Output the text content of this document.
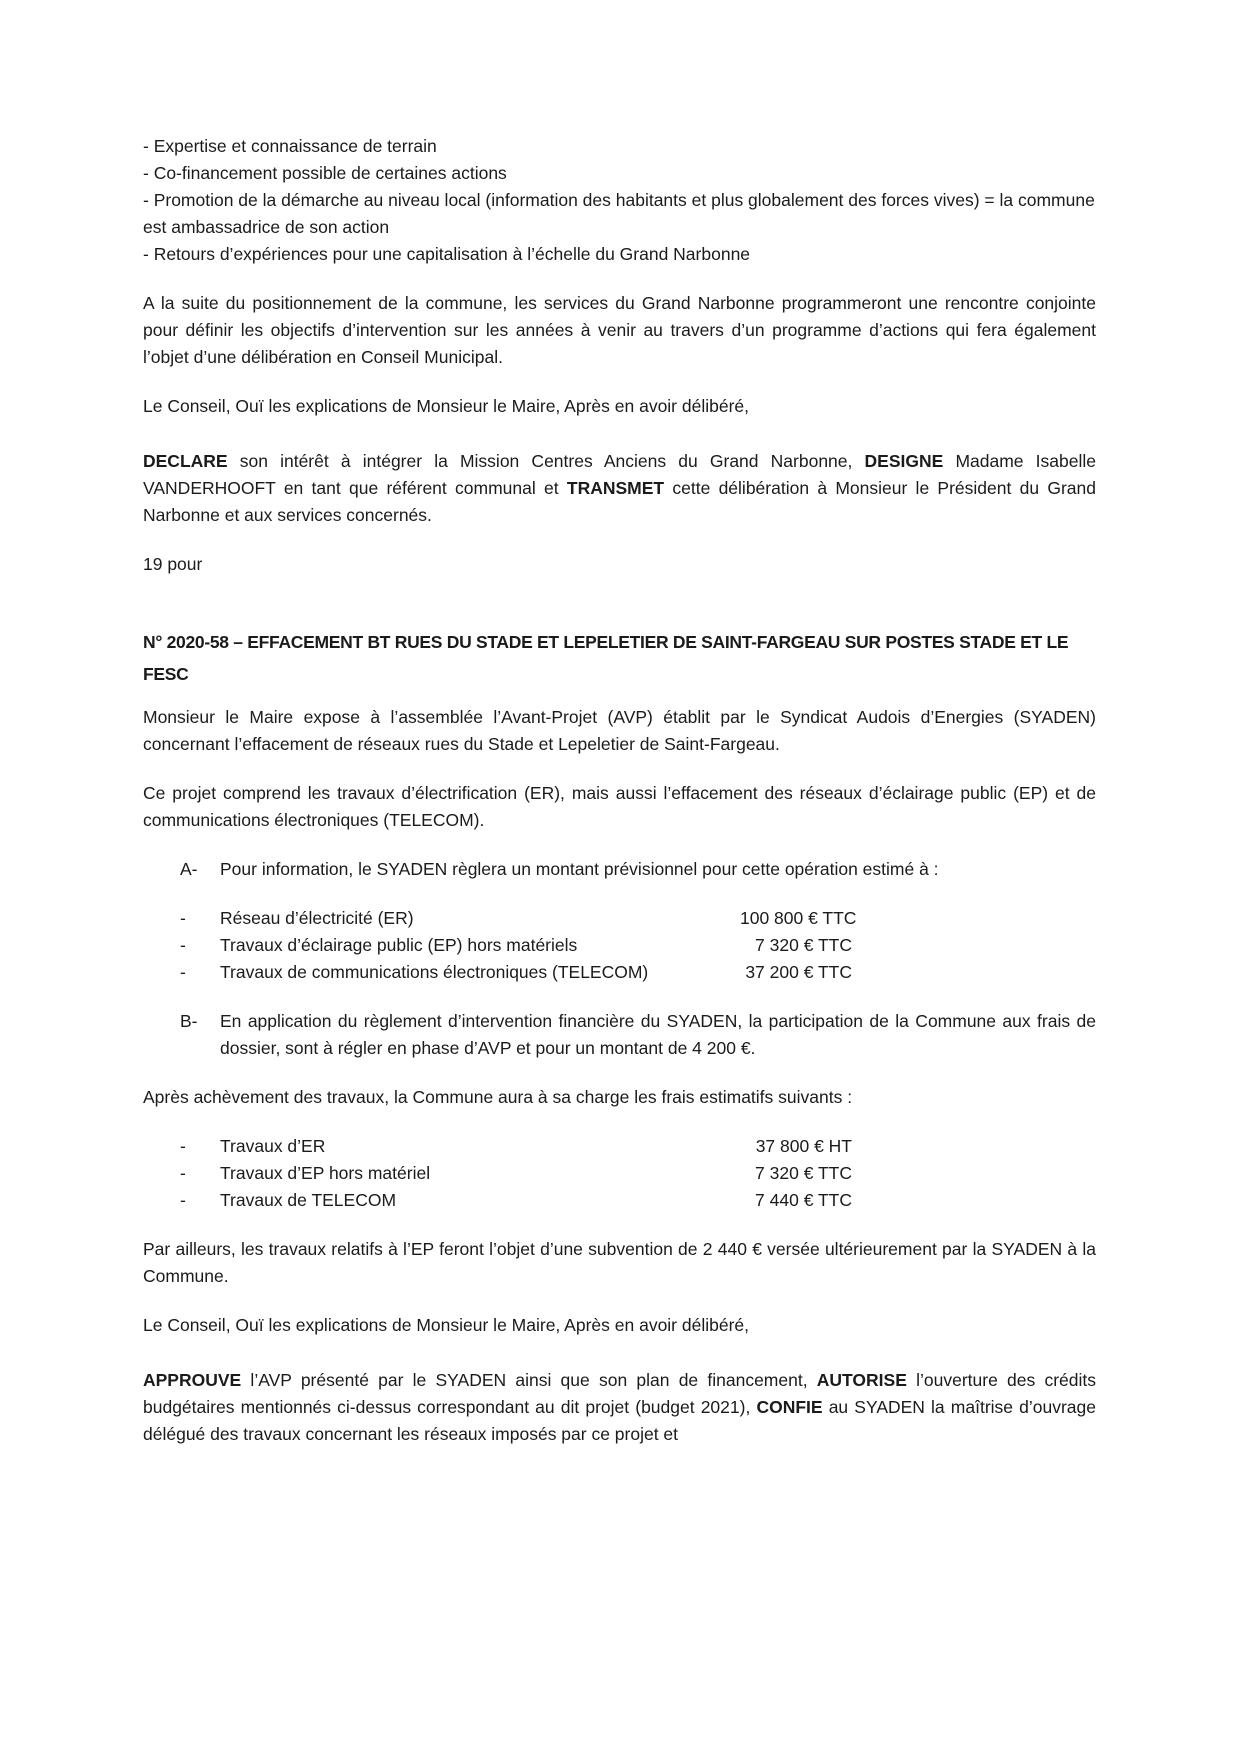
- Expertise et connaissance de terrain

- Co-financement possible de certaines actions

- Promotion de la démarche au niveau local (information des habitants et plus globalement des forces vives) = la commune est ambassadrice de son action

- Retours d’expériences pour une capitalisation à l’échelle du Grand Narbonne

A la suite du positionnement de la commune, les services du Grand Narbonne programmeront une rencontre conjointe pour définir les objectifs d’intervention sur les années à venir au travers d’un programme d’actions qui fera également l’objet d’une délibération en Conseil Municipal.

Le Conseil, Ouï les explications de Monsieur le Maire, Après en avoir délibéré,

DECLARE son intérêt à intégrer la Mission Centres Anciens du Grand Narbonne, DESIGNE Madame Isabelle VANDERHOOFT en tant que référent communal et TRANSMET cette délibération à Monsieur le Président du Grand Narbonne et aux services concernés.

19 pour

N° 2020-58 – EFFACEMENT BT RUES DU STADE ET LEPELETIER DE SAINT-FARGEAU SUR POSTES STADE ET LE FESC

Monsieur le Maire expose à l’assemblée l’Avant-Projet (AVP) établit par le Syndicat Audois d’Energies (SYADEN) concernant l’effacement de réseaux rues du Stade et Lepeletier de Saint-Fargeau.

Ce projet comprend les travaux d’électrification (ER), mais aussi l’effacement des réseaux d’éclairage public (EP) et de communications électroniques (TELECOM).

A-	Pour information, le SYADEN règlera un montant prévisionnel pour cette opération estimé à :
-	Réseau d’électricité (ER)	100 800 € TTC
-	Travaux d’éclairage public (EP) hors matériels	7 320 € TTC
-	Travaux de communications électroniques (TELECOM)	37 200 € TTC
B-	En application du règlement d’intervention financière du SYADEN, la participation de la Commune aux frais de dossier, sont à régler en phase d’AVP et pour un montant de 4 200 €.

Après achèvement des travaux, la Commune aura à sa charge les frais estimatifs suivants :

-	Travaux d’ER	37 800 € HT
-	Travaux d’EP hors matériel	7 320 € TTC
-	Travaux de TELECOM	7 440 € TTC

Par ailleurs, les travaux relatifs à l’EP feront l’objet d’une subvention de 2 440 € versée ultérieurement par la SYADEN à la Commune.

Le Conseil, Ouï les explications de Monsieur le Maire, Après en avoir délibéré,

APPROUVE l’AVP présenté par le SYADEN ainsi que son plan de financement, AUTORISE l’ouverture des crédits budgétaires mentionnés ci-dessus correspondant au dit projet (budget 2021), CONFIE au SYADEN la maîtrise d’ouvrage délégué des travaux concernant les réseaux imposés par ce projet et
